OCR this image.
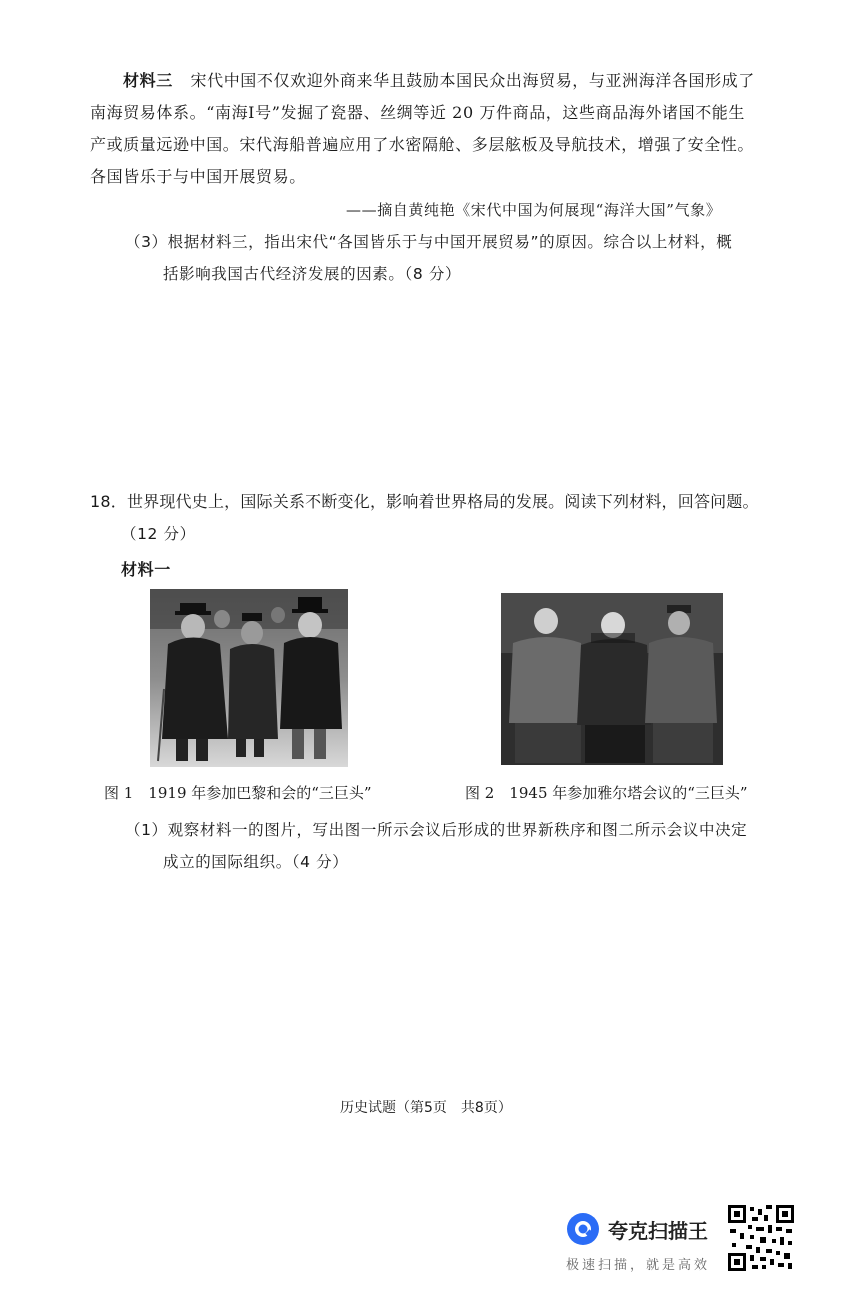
材料三 宋代中国不仅欢迎外商来华且鼓励本国民众出海贸易，与亚洲海洋各国形成了
南海贸易体系。“南海Ⅰ号”发掘了瓷器、丝绸等近 20 万件商品，这些商品海外诸国不能生
产或质量远逊中国。宋代海船普遍应用了水密隔舱、多层舷板及导航技术，增强了安全性。
各国皆乐于与中国开展贸易。
——摘自黄纯艳《宋代中国为何展现“海洋大国”气象》
（3）根据材料三，指出宋代“各国皆乐于与中国开展贸易”的原因。综合以上材料，概
括影响我国古代经济发展的因素。（8 分）
18．世界现代史上，国际关系不断变化，影响着世界格局的发展。阅读下列材料，回答问题。
（12 分）
材料一
图 1　1919 年参加巴黎和会的“三巨头”	图 2　1945 年参加雅尔塔会议的“三巨头”
（1）观察材料一的图片，写出图一所示会议后形成的世界新秩序和图二所示会议中决定
成立的国际组织。（4 分）
历史试题（第5页　共8页）
夸克扫描王
极速扫描，就是高效
